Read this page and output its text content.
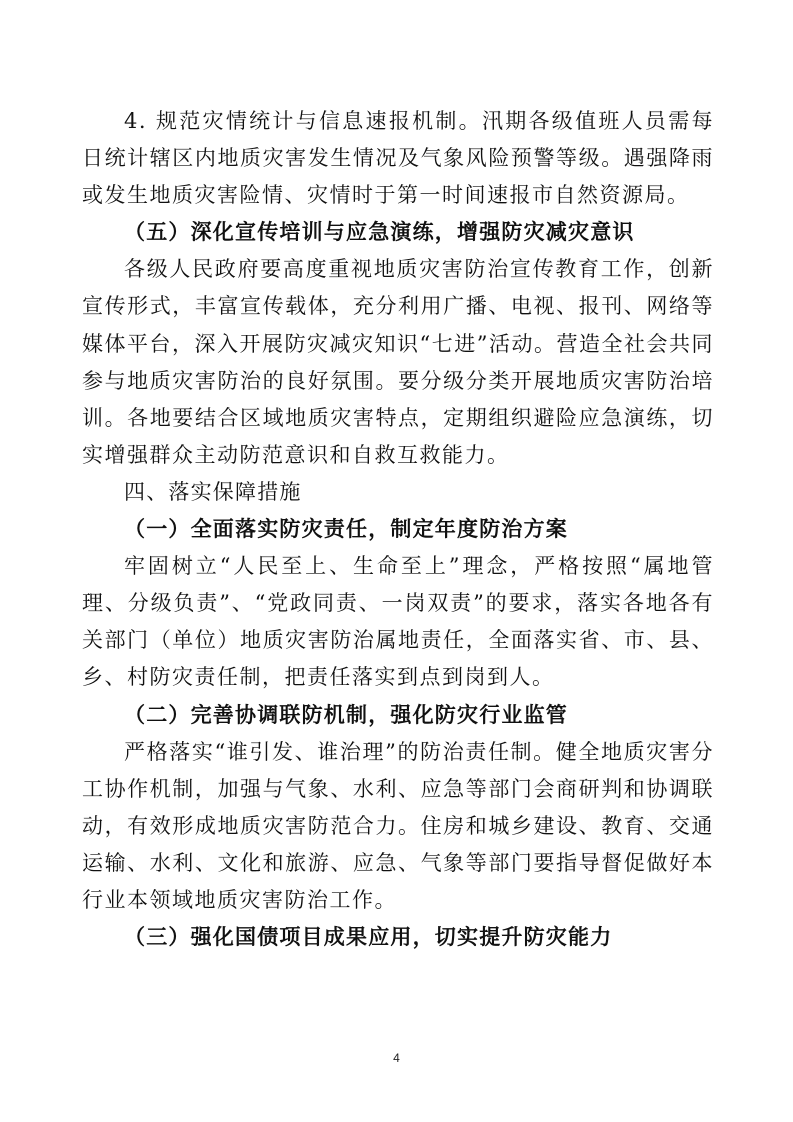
4. 规范灾情统计与信息速报机制。汛期各级值班人员需每日统计辖区内地质灾害发生情况及气象风险预警等级。遇强降雨或发生地质灾害险情、灾情时于第一时间速报市自然资源局。

（五）深化宣传培训与应急演练，增强防灾减灾意识

各级人民政府要高度重视地质灾害防治宣传教育工作，创新宣传形式，丰富宣传载体，充分利用广播、电视、报刊、网络等媒体平台，深入开展防灾减灾知识“七进”活动。营造全社会共同参与地质灾害防治的良好氛围。要分级分类开展地质灾害防治培训。各地要结合区域地质灾害特点，定期组织避险应急演练，切实增强群众主动防范意识和自救互救能力。

四、落实保障措施

（一）全面落实防灾责任，制定年度防治方案

牢固树立“人民至上、生命至上”理念，严格按照“属地管理、分级负责”、“党政同责、一岗双责”的要求，落实各地各有关部门（单位）地质灾害防治属地责任，全面落实省、市、县、乡、村防灾责任制，把责任落实到点到岗到人。

（二）完善协调联防机制，强化防灾行业监管

严格落实“谁引发、谁治理”的防治责任制。健全地质灾害分工协作机制，加强与气象、水利、应急等部门会商研判和协调联动，有效形成地质灾害防范合力。住房和城乡建设、教育、交通运输、水利、文化和旅游、应急、气象等部门要指导督促做好本行业本领域地质灾害防治工作。

（三）强化国债项目成果应用，切实提升防灾能力

4
